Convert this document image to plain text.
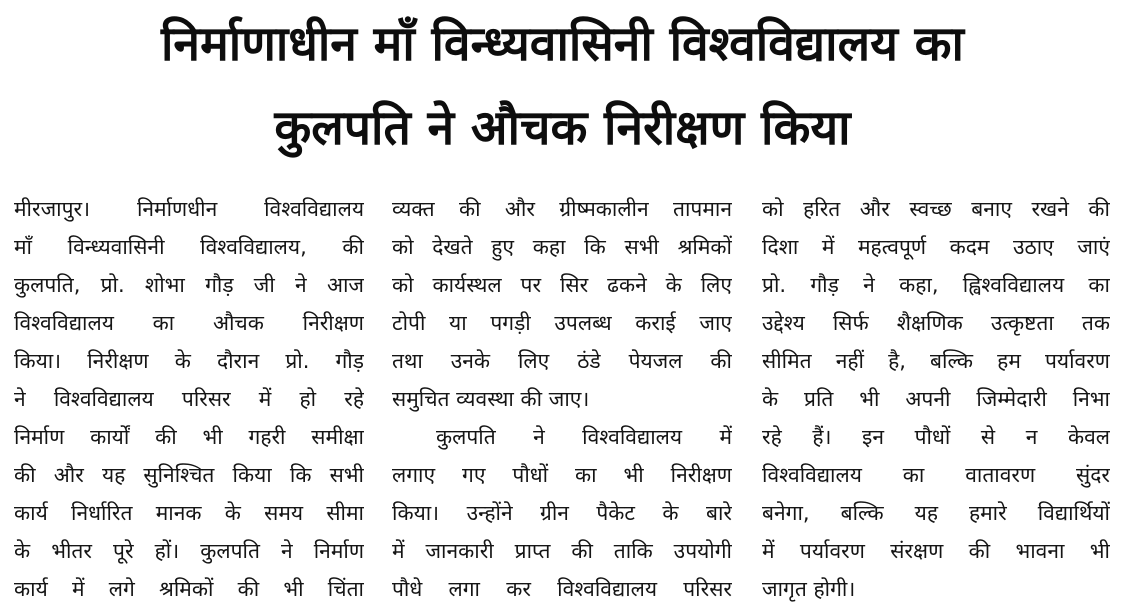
निर्माणाधीन माँ विन्ध्यवासिनी विश्वविद्यालय का
कुलपति ने औचक निरीक्षण किया
मीरजापुर। निर्माणधीन विश्वविद्यालय
माँ विन्ध्यवासिनी विश्वविद्यालय, की
कुलपति, प्रो. शोभा गौड़ जी ने आज
विश्वविद्यालय का औचक निरीक्षण
किया। निरीक्षण के दौरान प्रो. गौड़
ने विश्वविद्यालय परिसर में हो रहे
निर्माण कार्यों की भी गहरी समीक्षा
की और यह सुनिश्चित किया कि सभी
कार्य निर्धारित मानक के समय सीमा
के भीतर पूरे हों। कुलपति ने निर्माण
कार्य में लगे श्रमिकों की भी चिंता
व्यक्त की और ग्रीष्मकालीन तापमान
को देखते हुए कहा कि सभी श्रमिकों
को कार्यस्थल पर सिर ढकने के लिए
टोपी या पगड़ी उपलब्ध कराई जाए
तथा उनके लिए ठंडे पेयजल की
समुचित व्यवस्था की जाए।
कुलपति ने विश्वविद्यालय में
लगाए गए पौधों का भी निरीक्षण
किया। उन्होंने ग्रीन पैकेट के बारे
में जानकारी प्राप्त की ताकि उपयोगी
पौधे लगा कर विश्वविद्यालय परिसर
को हरित और स्वच्छ बनाए रखने की
दिशा में महत्वपूर्ण कदम उठाए जाएं
प्रो. गौड़ ने कहा, ह्विश्वविद्यालय का
उद्देश्य सिर्फ शैक्षणिक उत्कृष्टता तक
सीमित नहीं है, बल्कि हम पर्यावरण
के प्रति भी अपनी जिम्मेदारी निभा
रहे हैं। इन पौधों से न केवल
विश्वविद्यालय का वातावरण सुंदर
बनेगा, बल्कि यह हमारे विद्यार्थियों
में पर्यावरण संरक्षण की भावना भी
जागृत होगी।
